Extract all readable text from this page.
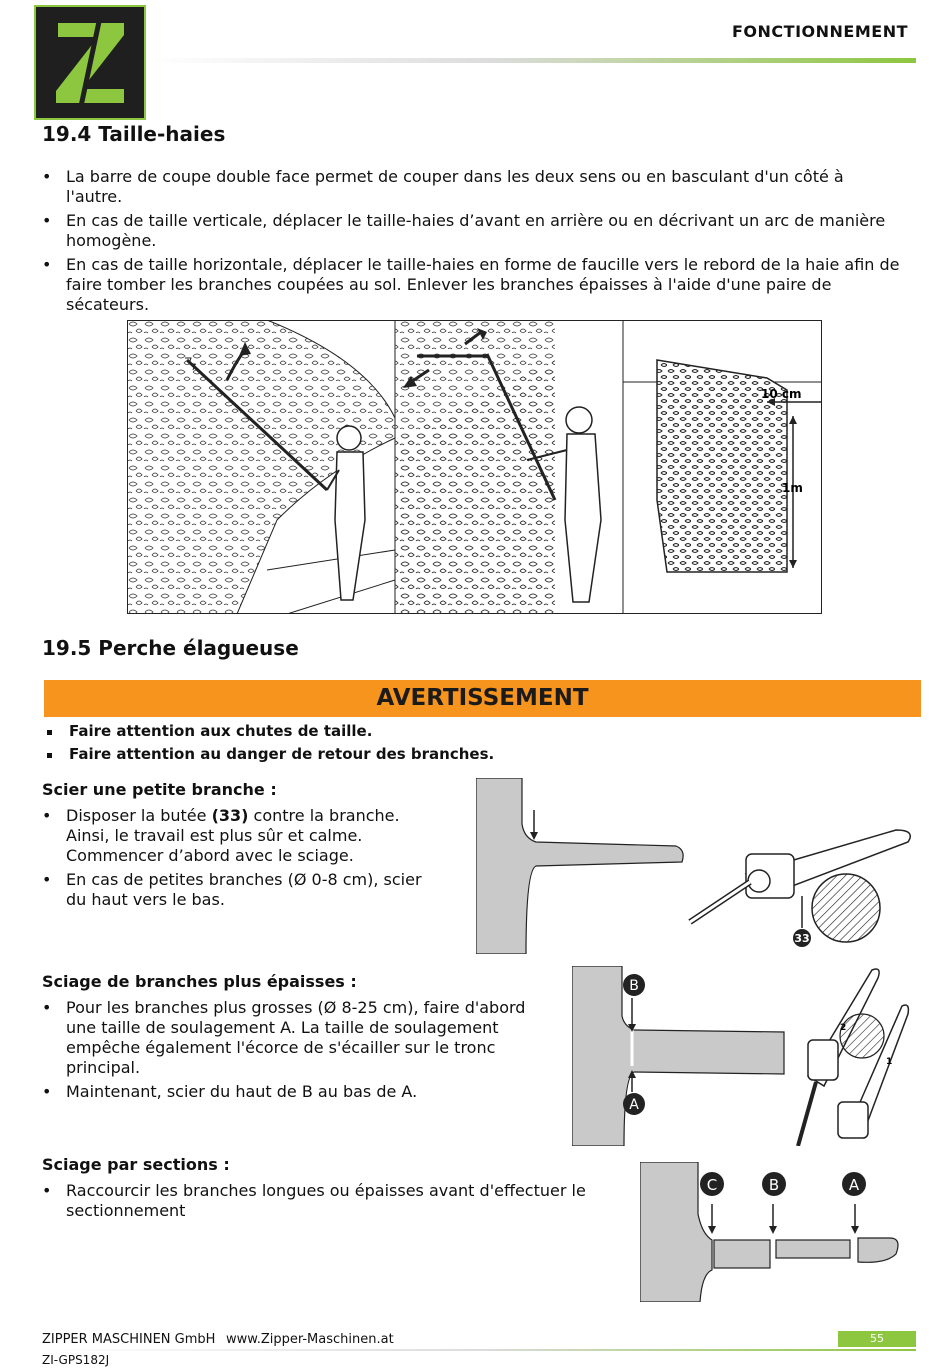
Z
FONCTIONNEMENT
19.4 Taille-haies
• La barre de coupe double face permet de couper dans les deux sens ou en basculant d'un côté à l'autre.
• En cas de taille verticale, déplacer le taille-haies d’avant en arrière ou en décrivant un arc de manière homogène.
• En cas de taille horizontale, déplacer le taille-haies en forme de faucille vers le rebord de la haie afin de faire tomber les branches coupées au sol. Enlever les branches épaisses à l'aide d'une paire de sécateurs.
10 cm
1m
19.5 Perche élagueuse
AVERTISSEMENT
Faire attention aux chutes de taille.
Faire attention au danger de retour des branches.
Scier une petite branche :
• Disposer la butée (33) contre la branche. Ainsi, le travail est plus sûr et calme. Commencer d’abord avec le sciage.
• En cas de petites branches (Ø 0-8 cm), scier du haut vers le bas.
33
Sciage de branches plus épaisses :
• Pour les branches plus grosses (Ø 8-25 cm), faire d'abord une taille de soulagement A. La taille de soulagement empêche également l'écorce de s'écailler sur le tronc principal.
• Maintenant, scier du haut de B au bas de A.
B
A
2
1
Sciage par sections :
• Raccourcir les branches longues ou épaisses avant d'effectuer le sectionnement
C	B	A
ZIPPER MASCHINEN GmbH www.Zipper-Maschinen.at	55
ZI-GPS182J
